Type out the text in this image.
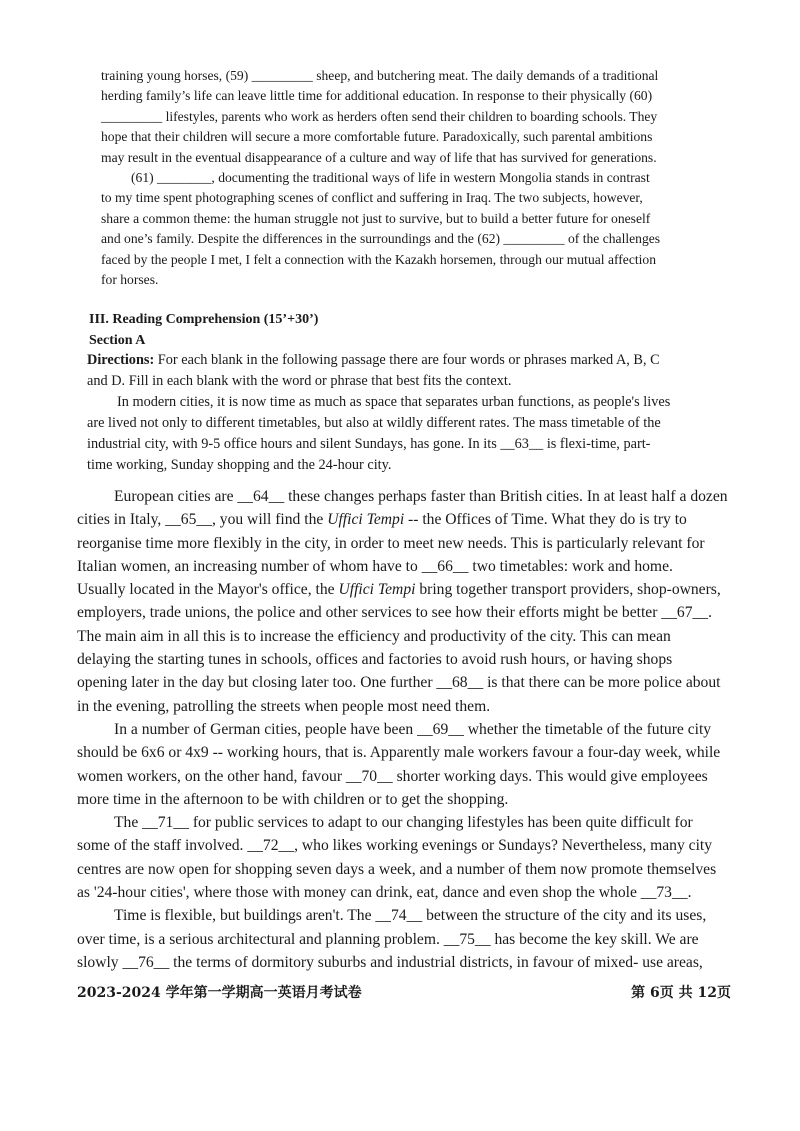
training young horses, (59) _________ sheep, and butchering meat. The daily demands of a traditional

herding family’s life can leave little time for additional education. In response to their physically (60)

_________ lifestyles, parents who work as herders often send their children to boarding schools. They

hope that their children will secure a more comfortable future. Paradoxically, such parental ambitions

may result in the eventual disappearance of a culture and way of life that has survived for generations.

(61) ________, documenting the traditional ways of life in western Mongolia stands in contrast

to my time spent photographing scenes of conflict and suffering in Iraq. The two subjects, however,

share a common theme: the human struggle not just to survive, but to build a better future for oneself

and one’s family. Despite the differences in the surroundings and the (62) _________ of the challenges

faced by the people I met, I felt a connection with the Kazakh horsemen, through our mutual affection

for horses.

III. Reading Comprehension (15’+30’)
Section A

Directions: For each blank in the following passage there are four words or phrases marked A, B, C

and D. Fill in each blank with the word or phrase that best fits the context.

In modern cities, it is now time as much as space that separates urban functions, as people's lives

are lived not only to different timetables, but also at wildly different rates. The mass timetable of the

industrial city, with 9-5 office hours and silent Sundays, has gone. In its __63__ is flexi-time, part-

time working, Sunday shopping and the 24-hour city.

European cities are __64__ these changes perhaps faster than British cities. In at least half a dozen

cities in Italy, __65__, you will find the Uffici Tempi -- the Offices of Time. What they do is try to

reorganise time more flexibly in the city, in order to meet new needs. This is particularly relevant for

Italian women, an increasing number of whom have to __66__ two timetables: work and home.

Usually located in the Mayor's office, the Uffici Tempi bring together transport providers, shop-owners,

employers, trade unions, the police and other services to see how their efforts might be better __67__.

The main aim in all this is to increase the efficiency and productivity of the city. This can mean

delaying the starting tunes in schools, offices and factories to avoid rush hours, or having shops

opening later in the day but closing later too. One further __68__ is that there can be more police about

in the evening, patrolling the streets when people most need them.

In a number of German cities, people have been __69__ whether the timetable of the future city

should be 6x6 or 4x9 -- working hours, that is. Apparently male workers favour a four-day week, while

women workers, on the other hand, favour __70__ shorter working days. This would give employees

more time in the afternoon to be with children or to get the shopping.

The __71__ for public services to adapt to our changing lifestyles has been quite difficult for

some of the staff involved. __72__, who likes working evenings or Sundays? Nevertheless, many city

centres are now open for shopping seven days a week, and a number of them now promote themselves

as '24-hour cities', where those with money can drink, eat, dance and even shop the whole __73__.

Time is flexible, but buildings aren't. The __74__ between the structure of the city and its uses,

over time, is a serious architectural and planning problem. __75__ has become the key skill. We are

slowly __76__ the terms of dormitory suburbs and industrial districts, in favour of mixed- use areas,

2023-2024 学年第一学期高一英语月考试卷	第 6页 共 12页
